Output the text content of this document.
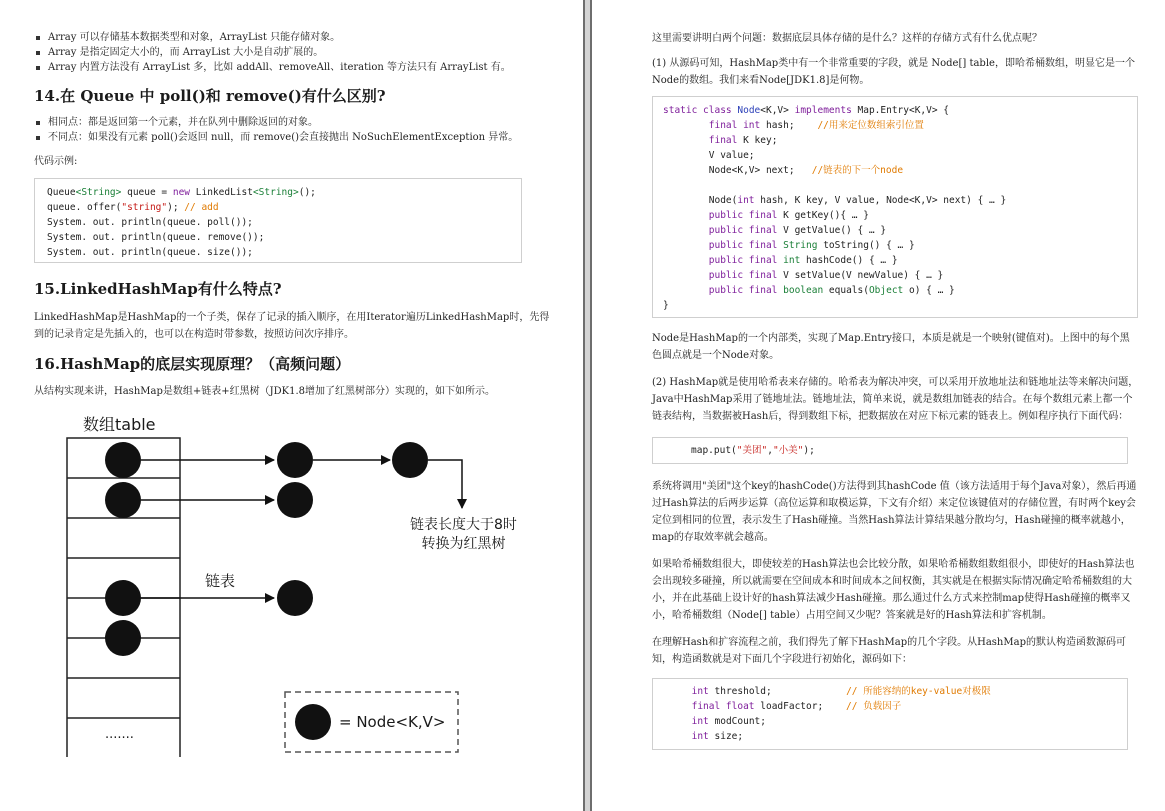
Array 可以存储基本数据类型和对象，ArrayList 只能存储对象。
Array 是指定固定大小的，而 ArrayList 大小是自动扩展的。
Array 内置方法没有 ArrayList 多，比如 addAll、removeAll、iteration 等方法只有 ArrayList 有。
14.在 Queue 中 poll()和 remove()有什么区别?
相同点：都是返回第一个元素，并在队列中删除返回的对象。
不同点：如果没有元素 poll()会返回 null，而 remove()会直接抛出 NoSuchElementException 异常。
代码示例:
Queue<String> queue = new LinkedList<String>();
queue. offer("string"); // add
System. out. println(queue. poll());
System. out. println(queue. remove());
System. out. println(queue. size());
15.LinkedHashMap有什么特点?
LinkedHashMap是HashMap的一个子类，保存了记录的插入顺序，在用Iterator遍历LinkedHashMap时，先得到的记录肯定是先插入的，也可以在构造时带参数，按照访问次序排序。
16.HashMap的底层实现原理？（高频问题）
从结构实现来讲，HashMap是数组+链表+红黑树（JDK1.8增加了红黑树部分）实现的，如下如所示。
数组table
链表
链表长度大于8时
转换为红黑树
.......
= Node<K,V>
这里需要讲明白两个问题：数据底层具体存储的是什么？这样的存储方式有什么优点呢？
(1) 从源码可知，HashMap类中有一个非常重要的字段，就是 Node[] table，即哈希桶数组，明显它是一个Node的数组。我们来看Node[JDK1.8]是何物。
static class Node<K,V> implements Map.Entry<K,V> {
final int hash;    //用来定位数组索引位置
final K key;
V value;
Node<K,V> next;   //链表的下一个node

Node(int hash, K key, V value, Node<K,V> next) { … }
public final K getKey(){ … }
public final V getValue() { … }
public final String toString() { … }
public final int hashCode() { … }
public final V setValue(V newValue) { … }
public final boolean equals(Object o) { … }
}
Node是HashMap的一个内部类，实现了Map.Entry接口，本质是就是一个映射(键值对)。上图中的每个黑色圆点就是一个Node对象。
(2) HashMap就是使用哈希表来存储的。哈希表为解决冲突，可以采用开放地址法和链地址法等来解决问题，Java中HashMap采用了链地址法。链地址法，简单来说，就是数组加链表的结合。在每个数组元素上都一个链表结构，当数据被Hash后，得到数组下标，把数据放在对应下标元素的链表上。例如程序执行下面代码：
map.put("美团","小美");
系统将调用"美团"这个key的hashCode()方法得到其hashCode 值（该方法适用于每个Java对象），然后再通过Hash算法的后两步运算（高位运算和取模运算，下文有介绍）来定位该键值对的存储位置，有时两个key会定位到相同的位置，表示发生了Hash碰撞。当然Hash算法计算结果越分散均匀，Hash碰撞的概率就越小，map的存取效率就会越高。
如果哈希桶数组很大，即使较差的Hash算法也会比较分散，如果哈希桶数组数组很小，即使好的Hash算法也会出现较多碰撞，所以就需要在空间成本和时间成本之间权衡，其实就是在根据实际情况确定哈希桶数组的大小，并在此基础上设计好的hash算法减少Hash碰撞。那么通过什么方式来控制map使得Hash碰撞的概率又小，哈希桶数组（Node[] table）占用空间又少呢？答案就是好的Hash算法和扩容机制。
在理解Hash和扩容流程之前，我们得先了解下HashMap的几个字段。从HashMap的默认构造函数源码可知，构造函数就是对下面几个字段进行初始化，源码如下：
int threshold;             // 所能容纳的key-value对极限
final float loadFactor;    // 负载因子
int modCount;
int size;
